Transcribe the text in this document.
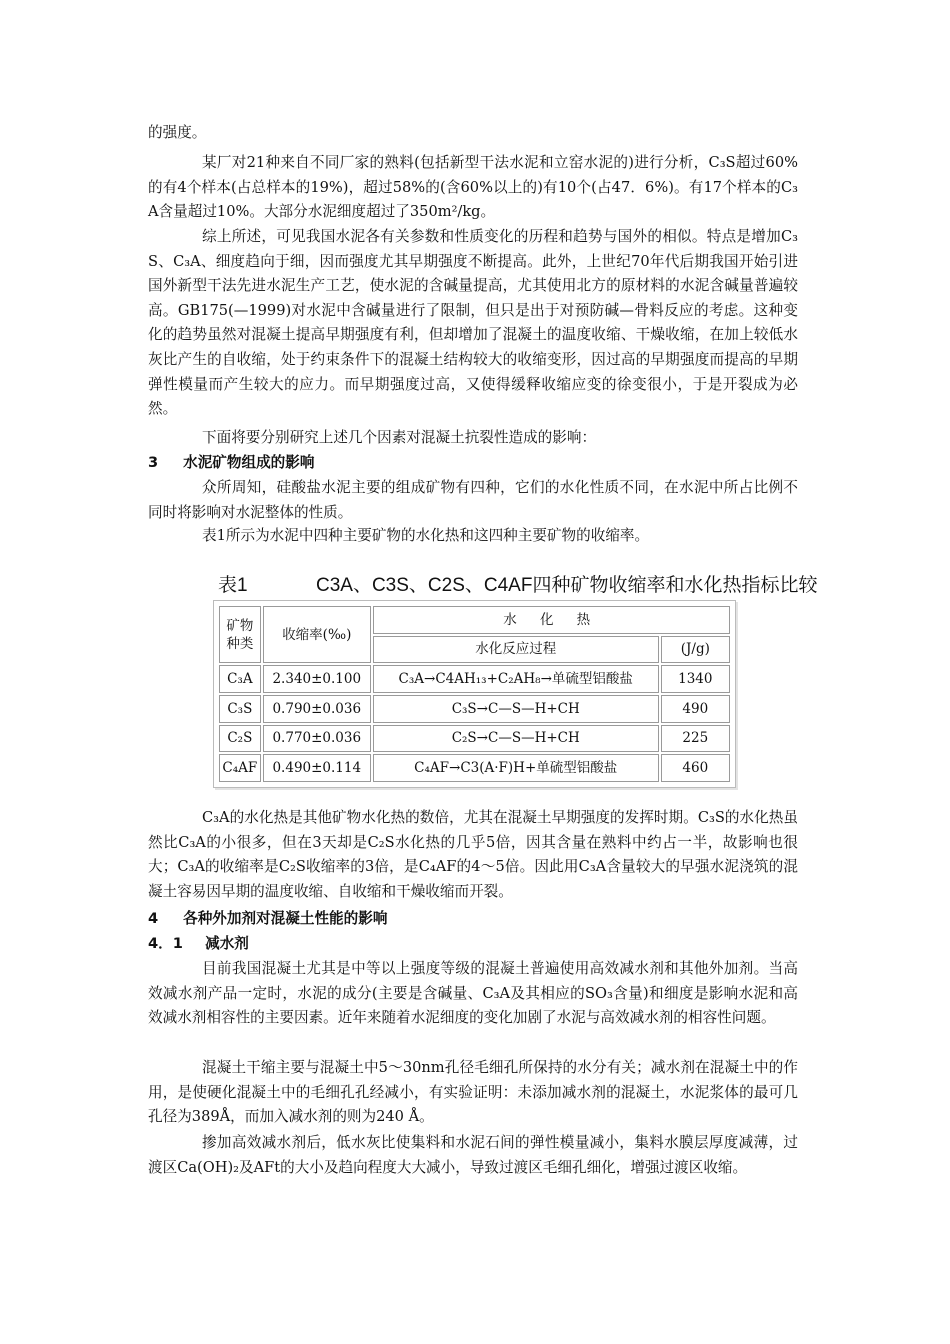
的强度。

某厂对21种来自不同厂家的熟料(包括新型干法水泥和立窑水泥的)进行分析，C₃S超过60%的有4个样本(占总样本的19%)，超过58%的(含60%以上的)有10个(占47．6%)。有17个样本的C₃A含量超过10%。大部分水泥细度超过了350m²/kg。

综上所述，可见我国水泥各有关参数和性质变化的历程和趋势与国外的相似。特点是增加C₃S、C₃A、细度趋向于细，因而强度尤其早期强度不断提高。此外，上世纪70年代后期我国开始引进国外新型干法先进水泥生产工艺，使水泥的含碱量提高，尤其使用北方的原材料的水泥含碱量普遍较高。GB175(—1999)对水泥中含碱量进行了限制，但只是出于对预防碱—骨料反应的考虑。这种变化的趋势虽然对混凝土提高早期强度有利，但却增加了混凝土的温度收缩、干燥收缩，在加上较低水灰比产生的自收缩，处于约束条件下的混凝土结构较大的收缩变形，因过高的早期强度而提高的早期弹性模量而产生较大的应力。而早期强度过高，又使得缓释收缩应变的徐变很小，于是开裂成为必然。

下面将要分别研究上述几个因素对混凝土抗裂性造成的影响：

3 水泥矿物组成的影响

众所周知，硅酸盐水泥主要的组成矿物有四种，它们的水化性质不同，在水泥中所占比例不同时将影响对水泥整体的性质。

表1所示为水泥中四种主要矿物的水化热和这四种主要矿物的收缩率。

表1	C3A、C3S、C2S、C4AF四种矿物收缩率和水化热指标比较
矿物种类	收缩率(‰)	水 化 热	
		水化反应过程	(J/g)
C₃A	2.340±0.100	C₃A→C4AH₁₃+C₂AH₈→单硫型铝酸盐	1340
C₃S	0.790±0.036	C₃S→C—S—H+CH	490
C₂S	0.770±0.036	C₂S→C—S—H+CH	225
C₄AF	0.490±0.114	C₄AF→C3(A·F)H+单硫型铝酸盐	460

C₃A的水化热是其他矿物水化热的数倍，尤其在混凝土早期强度的发挥时期。C₃S的水化热虽然比C₃A的小很多，但在3天却是C₂S水化热的几乎5倍，因其含量在熟料中约占一半，故影响也很大；C₃A的收缩率是C₂S收缩率的3倍，是C₄AF的4～5倍。因此用C₃A含量较大的早强水泥浇筑的混凝土容易因早期的温度收缩、自收缩和干燥收缩而开裂。

4 各种外加剂对混凝土性能的影响
4．1 减水剂

目前我国混凝土尤其是中等以上强度等级的混凝土普遍使用高效减水剂和其他外加剂。当高效减水剂产品一定时，水泥的成分(主要是含碱量、C₃A及其相应的SO₃含量)和细度是影响水泥和高效减水剂相容性的主要因素。近年来随着水泥细度的变化加剧了水泥与高效减水剂的相容性问题。

混凝土干缩主要与混凝土中5～30nm孔径毛细孔所保持的水分有关；减水剂在混凝土中的作用，是使硬化混凝土中的毛细孔孔经减小，有实验证明：未添加减水剂的混凝土，水泥浆体的最可几孔径为389Å，而加入减水剂的则为240 Å。

掺加高效减水剂后，低水灰比使集料和水泥石间的弹性模量减小，集料水膜层厚度减薄，过渡区Ca(OH)₂及AFt的大小及趋向程度大大减小，导致过渡区毛细孔细化，增强过渡区收缩。
